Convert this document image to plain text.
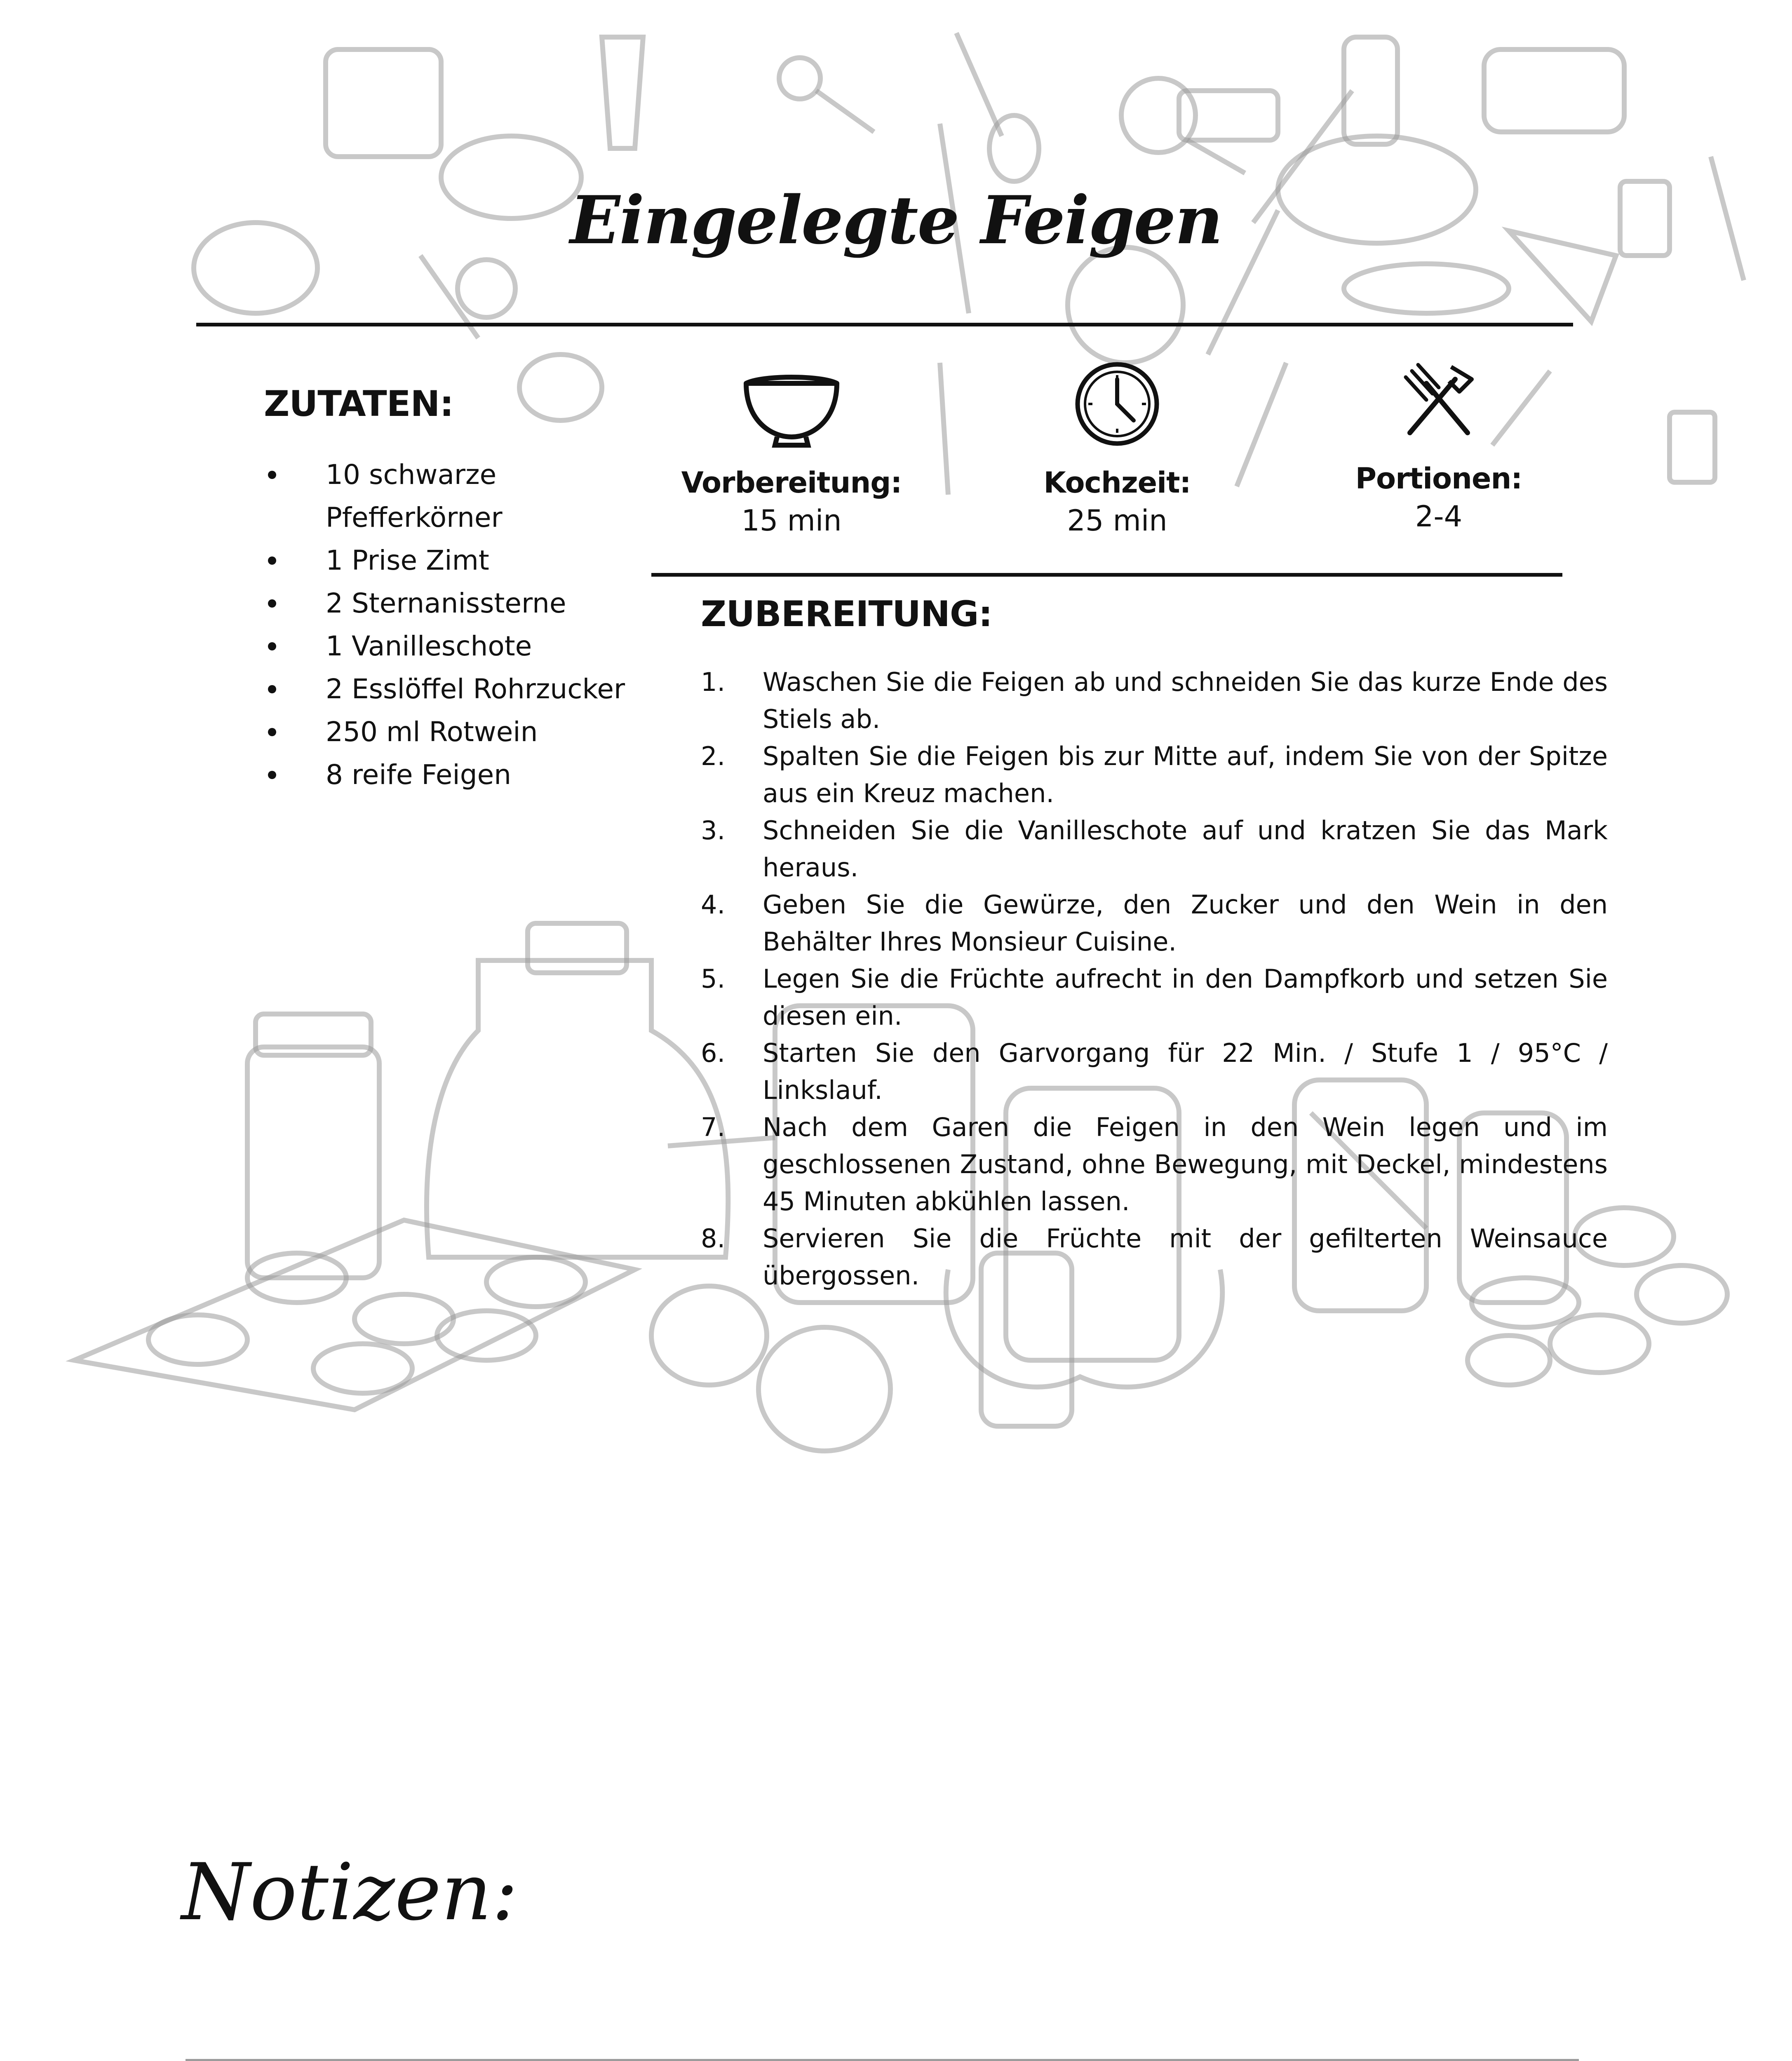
Eingelegte Feigen
ZUTATEN:
10 schwarze Pfefferkörner
1 Prise Zimt
2 Sternanissterne
1 Vanilleschote
2 Esslöffel Rohrzucker
250 ml Rotwein
8 reife Feigen
Vorbereitung:
15 min
Kochzeit:
25 min
Portionen:
2-4
ZUBEREITUNG:
1. Waschen Sie die Feigen ab und schneiden Sie das kurze Ende des Stiels ab.
2. Spalten Sie die Feigen bis zur Mitte auf, indem Sie von der Spitze aus ein Kreuz machen.
3. Schneiden Sie die Vanilleschote auf und kratzen Sie das Mark heraus.
4. Geben Sie die Gewürze, den Zucker und den Wein in den Behälter Ihres Monsieur Cuisine.
5. Legen Sie die Früchte aufrecht in den Dampfkorb und setzen Sie diesen ein.
6. Starten Sie den Garvorgang für 22 Min. / Stufe 1 / 95°C / Linkslauf.
7. Nach dem Garen die Feigen in den Wein legen und im geschlossenen Zustand, ohne Bewegung, mit Deckel, mindestens 45 Minuten abkühlen lassen.
8. Servieren Sie die Früchte mit der gefilterten Weinsauce übergossen.
Notizen:
